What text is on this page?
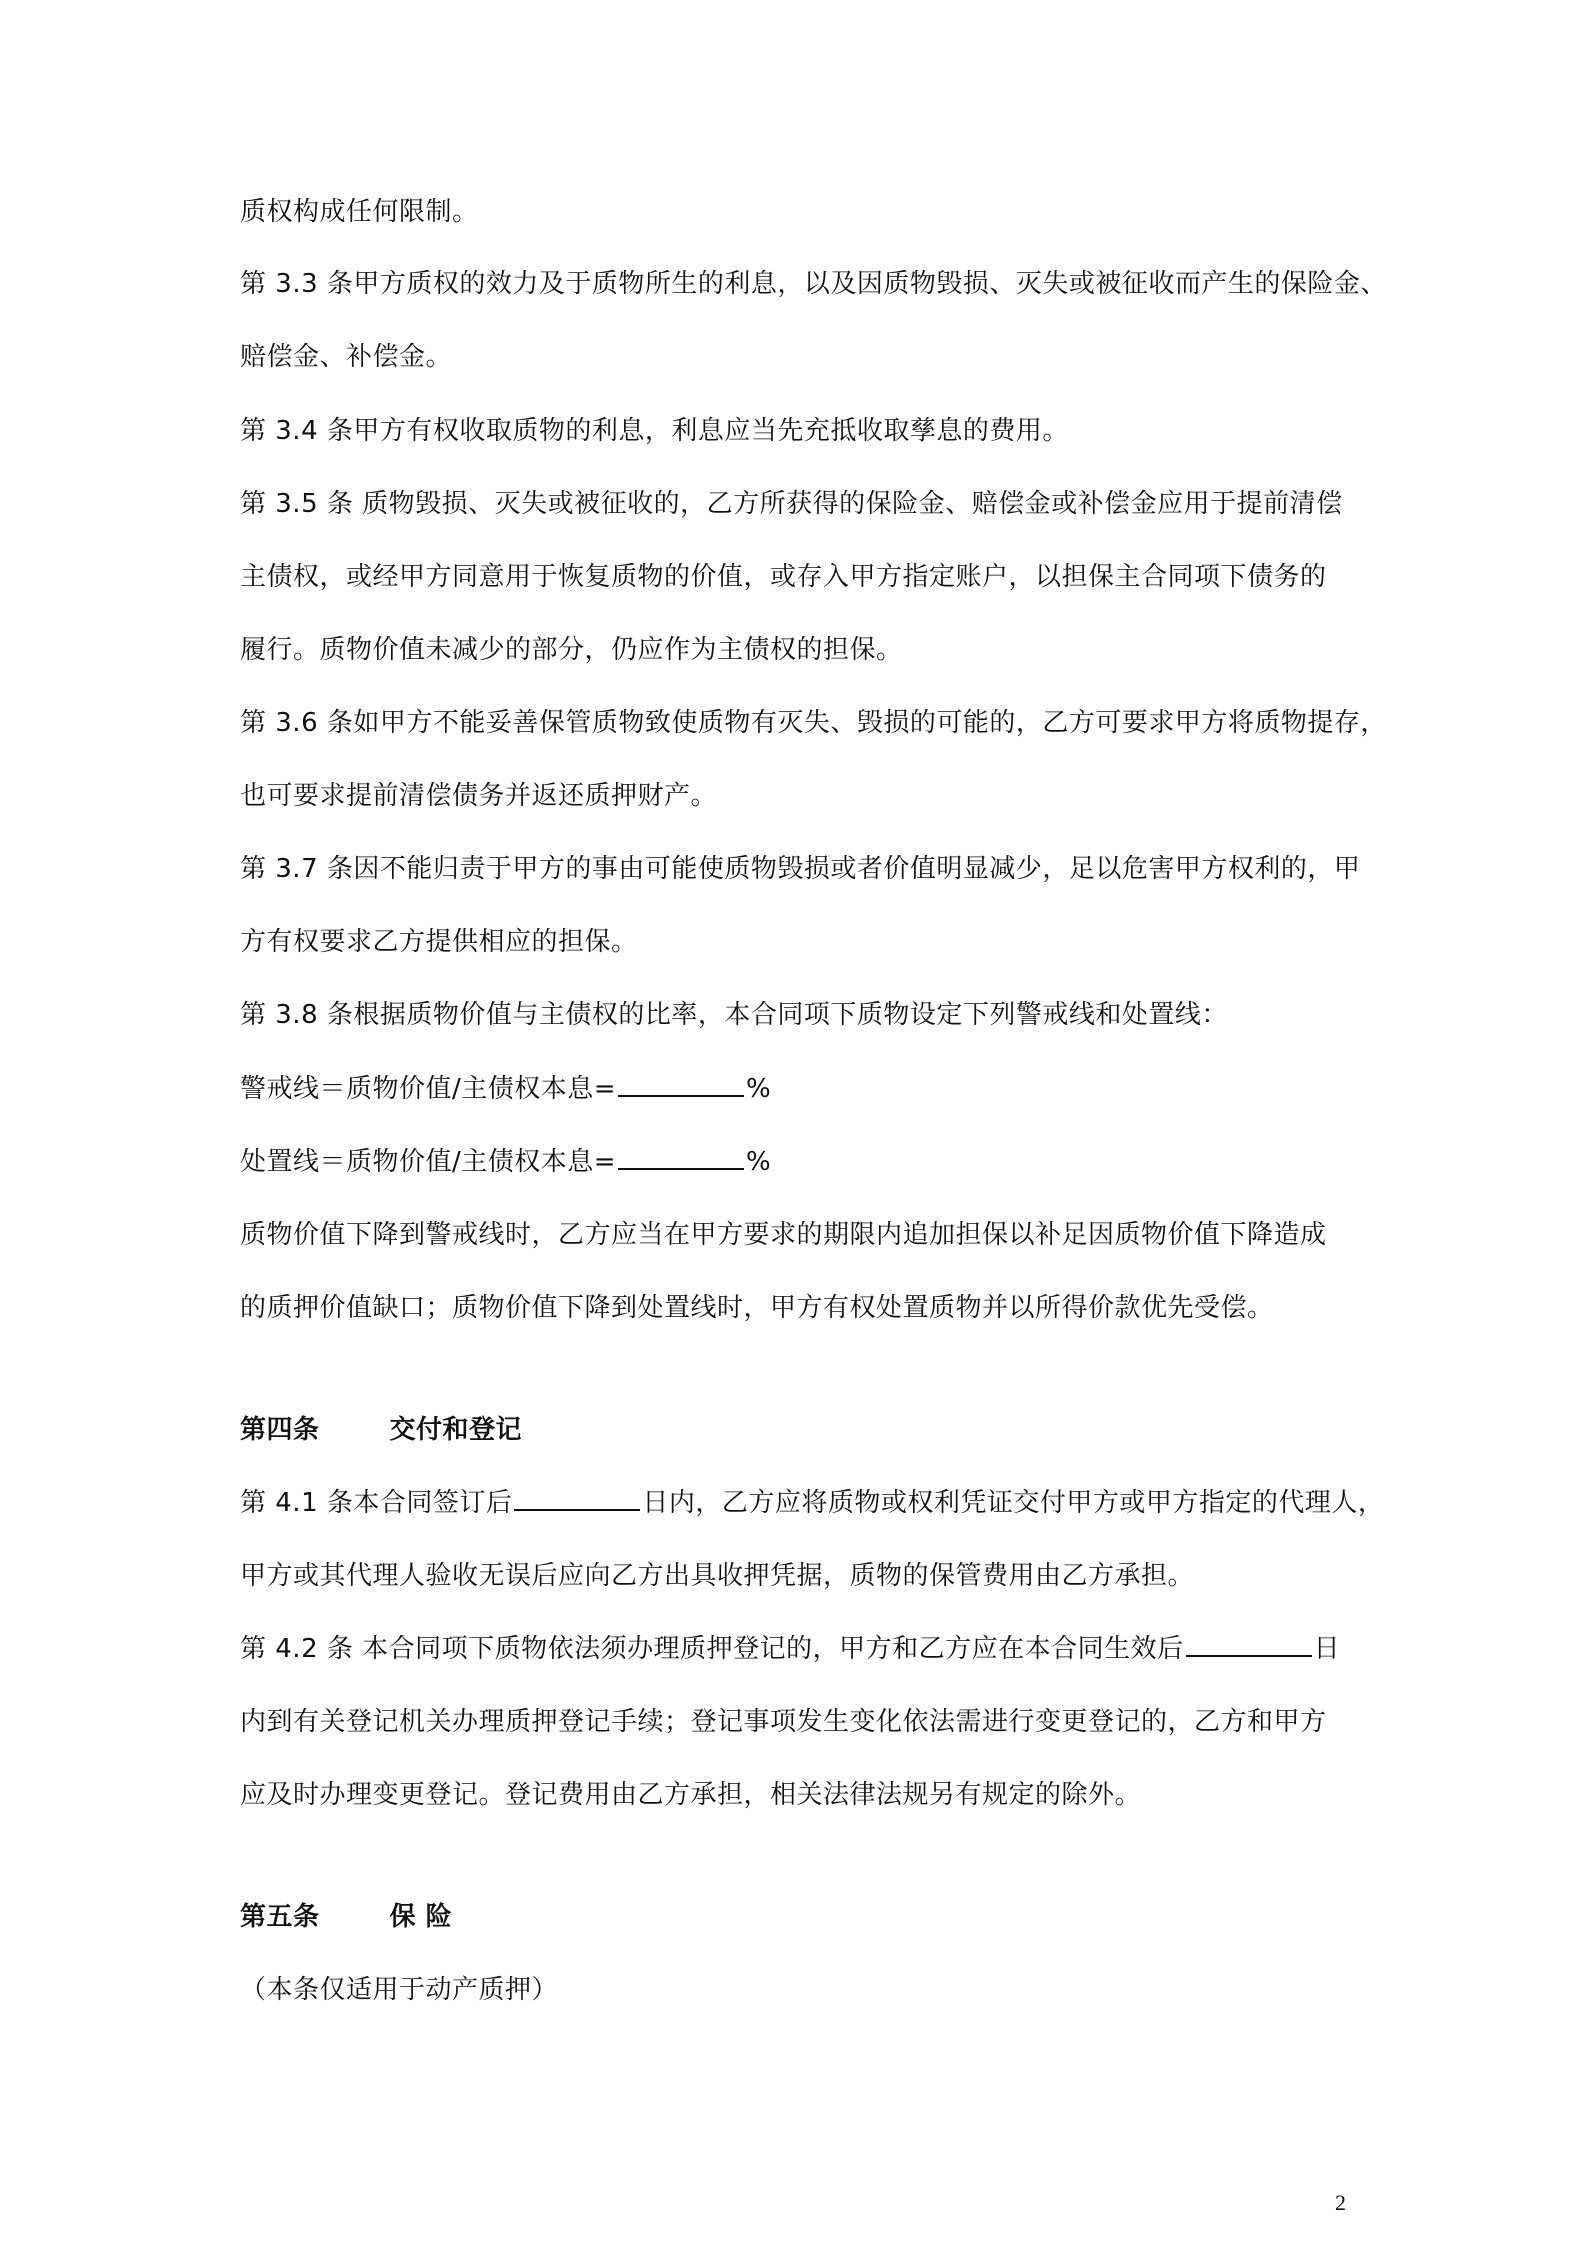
质权构成任何限制。
第 3.3 条甲方质权的效力及于质物所生的利息，以及因质物毁损、灭失或被征收而产生的保险金、
赔偿金、补偿金。
第 3.4 条甲方有权收取质物的利息，利息应当先充抵收取孳息的费用。
第 3.5 条 质物毁损、灭失或被征收的，乙方所获得的保险金、赔偿金或补偿金应用于提前清偿
主债权，或经甲方同意用于恢复质物的价值，或存入甲方指定账户，以担保主合同项下债务的
履行。质物价值未减少的部分，仍应作为主债权的担保。
第 3.6 条如甲方不能妥善保管质物致使质物有灭失、毁损的可能的，乙方可要求甲方将质物提存，
也可要求提前清偿债务并返还质押财产。
第 3.7 条因不能归责于甲方的事由可能使质物毁损或者价值明显减少，足以危害甲方权利的，甲
方有权要求乙方提供相应的担保。
第 3.8 条根据质物价值与主债权的比率，本合同项下质物设定下列警戒线和处置线：
警戒线＝质物价值/主债权本息=	%
处置线＝质物价值/主债权本息=	%
质物价值下降到警戒线时，乙方应当在甲方要求的期限内追加担保以补足因质物价值下降造成
的质押价值缺口；质物价值下降到处置线时，甲方有权处置质物并以所得价款优先受偿。
第四条	交付和登记
第 4.1 条本合同签订后	日内，乙方应将质物或权利凭证交付甲方或甲方指定的代理人，
甲方或其代理人验收无误后应向乙方出具收押凭据，质物的保管费用由乙方承担。
第 4.2 条 本合同项下质物依法须办理质押登记的，甲方和乙方应在本合同生效后	日
内到有关登记机关办理质押登记手续；登记事项发生变化依法需进行变更登记的，乙方和甲方
应及时办理变更登记。登记费用由乙方承担，相关法律法规另有规定的除外。
第五条	保 险
（本条仅适用于动产质押）
2
